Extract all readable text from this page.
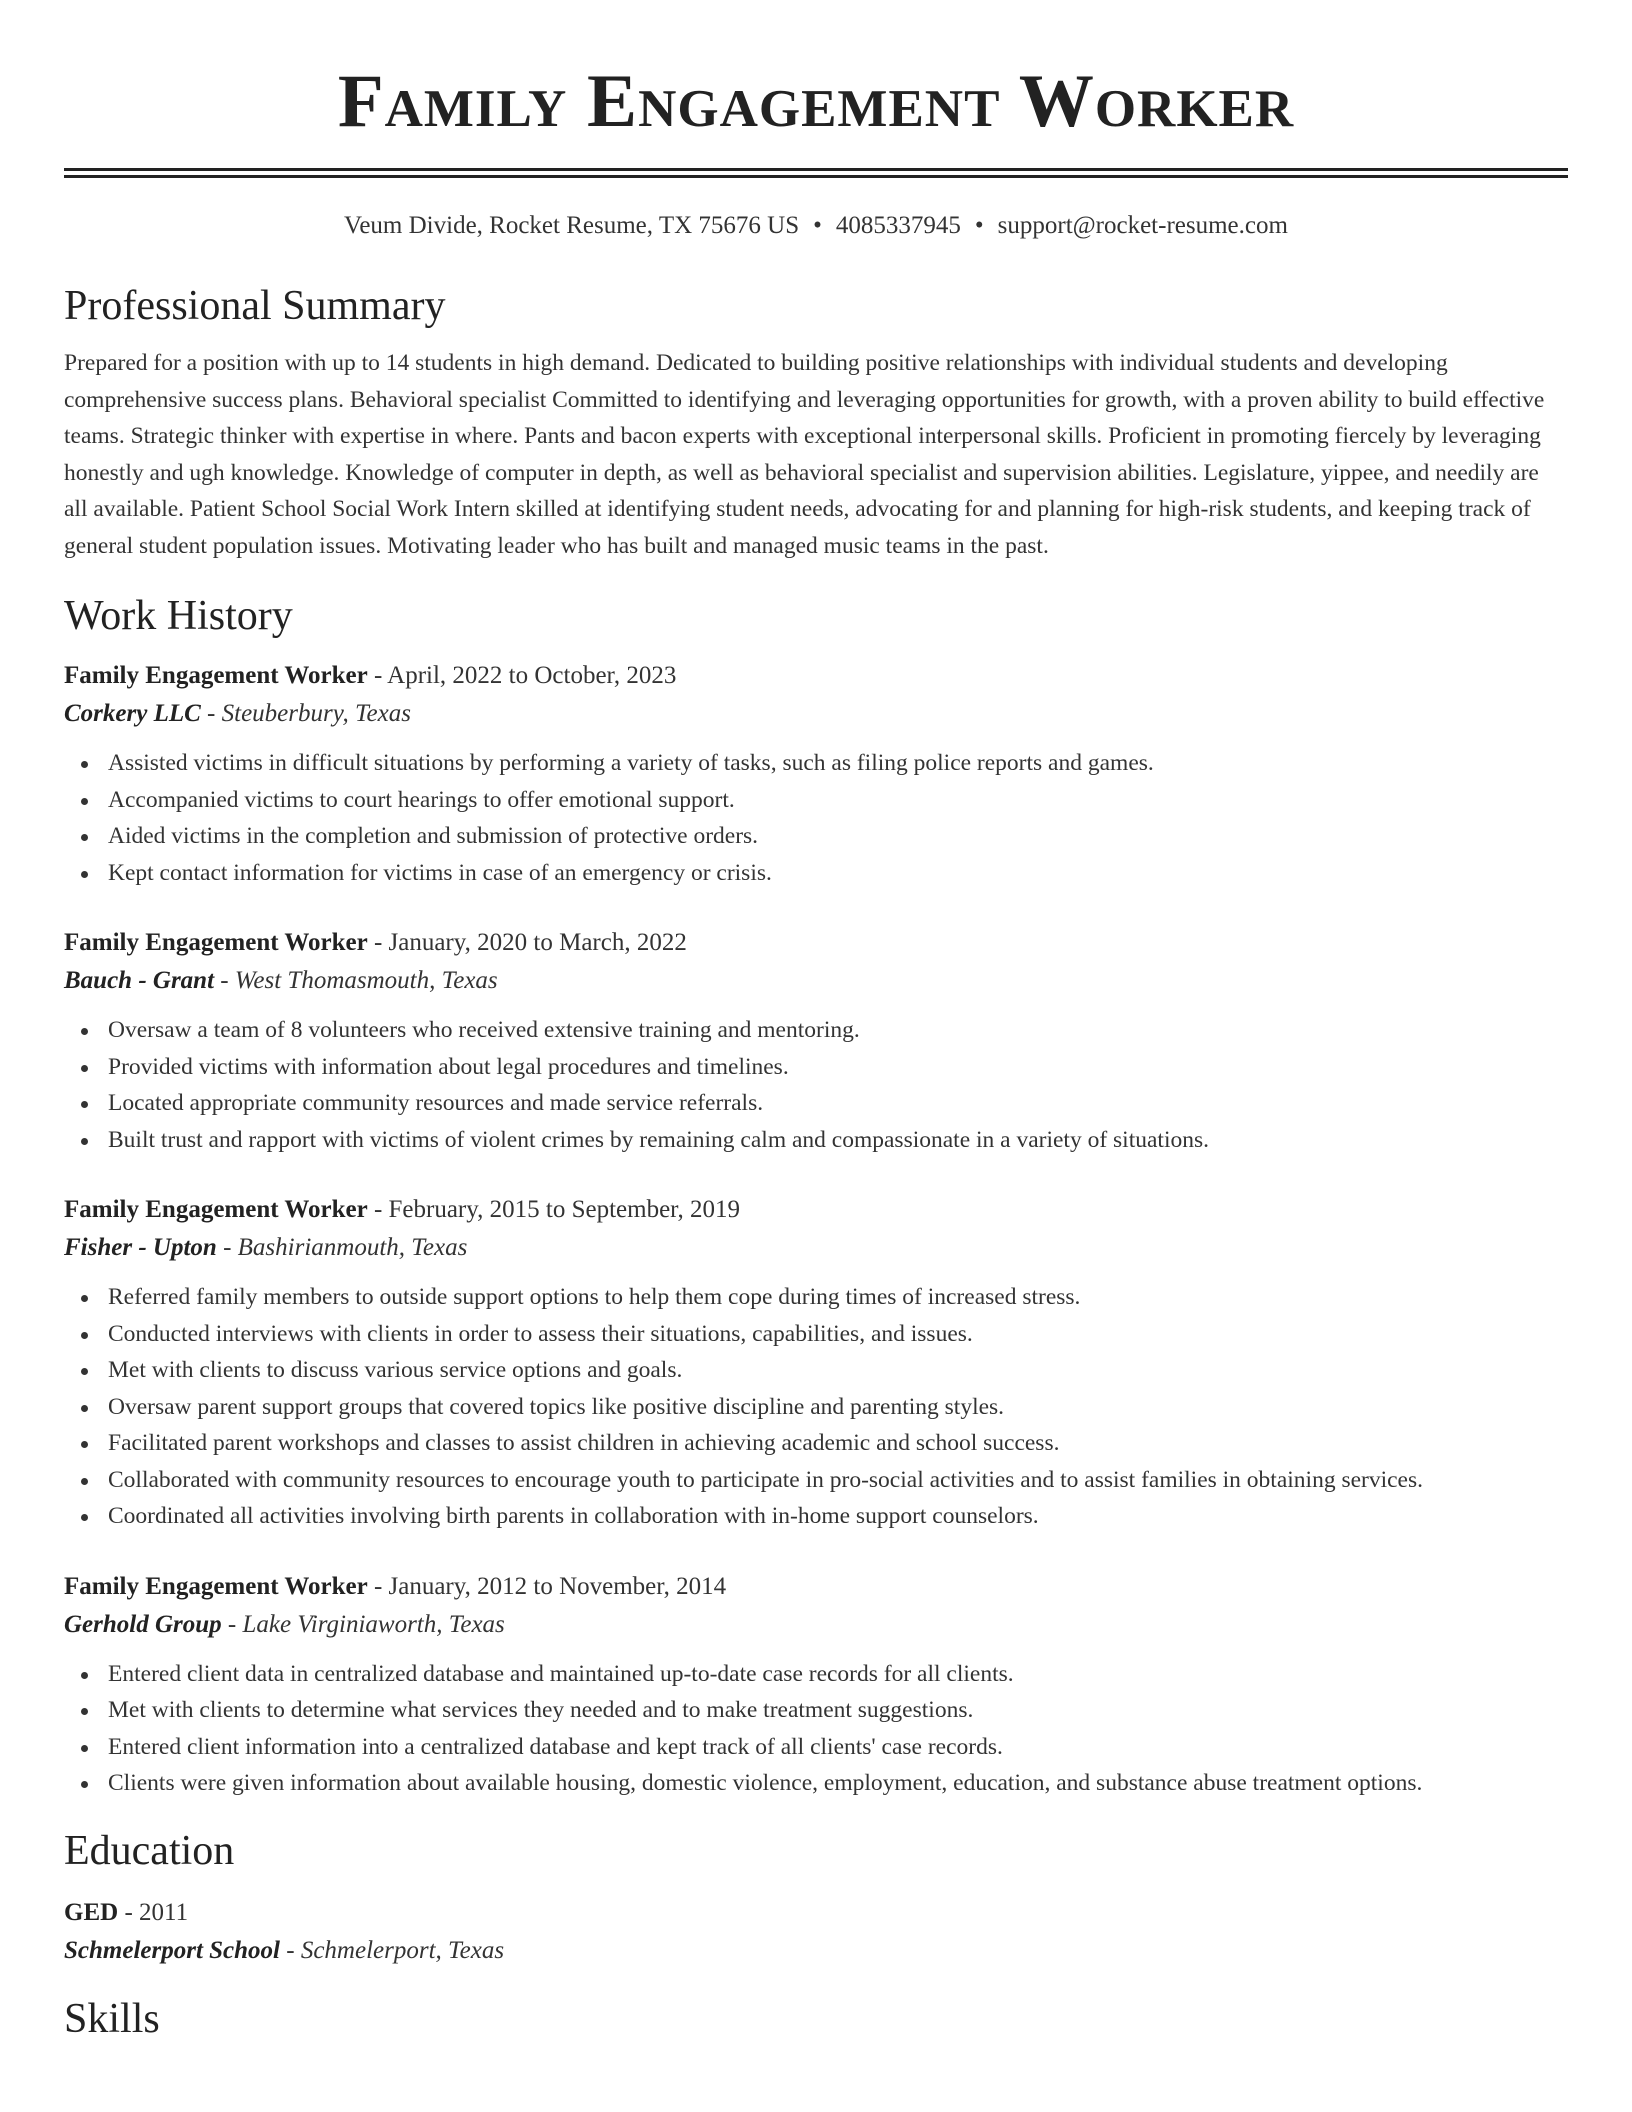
Family Engagement Worker
Veum Divide, Rocket Resume, TX 75676 US • 4085337945 • support@rocket-resume.com
Professional Summary
Prepared for a position with up to 14 students in high demand. Dedicated to building positive relationships with individual students and developing comprehensive success plans. Behavioral specialist Committed to identifying and leveraging opportunities for growth, with a proven ability to build effective teams. Strategic thinker with expertise in where. Pants and bacon experts with exceptional interpersonal skills. Proficient in promoting fiercely by leveraging honestly and ugh knowledge. Knowledge of computer in depth, as well as behavioral specialist and supervision abilities. Legislature, yippee, and needily are all available. Patient School Social Work Intern skilled at identifying student needs, advocating for and planning for high-risk students, and keeping track of general student population issues. Motivating leader who has built and managed music teams in the past.
Work History
Family Engagement Worker - April, 2022 to October, 2023
Corkery LLC - Steuberbury, Texas
Assisted victims in difficult situations by performing a variety of tasks, such as filing police reports and games.
Accompanied victims to court hearings to offer emotional support.
Aided victims in the completion and submission of protective orders.
Kept contact information for victims in case of an emergency or crisis.
Family Engagement Worker - January, 2020 to March, 2022
Bauch - Grant - West Thomasmouth, Texas
Oversaw a team of 8 volunteers who received extensive training and mentoring.
Provided victims with information about legal procedures and timelines.
Located appropriate community resources and made service referrals.
Built trust and rapport with victims of violent crimes by remaining calm and compassionate in a variety of situations.
Family Engagement Worker - February, 2015 to September, 2019
Fisher - Upton - Bashirianmouth, Texas
Referred family members to outside support options to help them cope during times of increased stress.
Conducted interviews with clients in order to assess their situations, capabilities, and issues.
Met with clients to discuss various service options and goals.
Oversaw parent support groups that covered topics like positive discipline and parenting styles.
Facilitated parent workshops and classes to assist children in achieving academic and school success.
Collaborated with community resources to encourage youth to participate in pro-social activities and to assist families in obtaining services.
Coordinated all activities involving birth parents in collaboration with in-home support counselors.
Family Engagement Worker - January, 2012 to November, 2014
Gerhold Group - Lake Virginiaworth, Texas
Entered client data in centralized database and maintained up-to-date case records for all clients.
Met with clients to determine what services they needed and to make treatment suggestions.
Entered client information into a centralized database and kept track of all clients' case records.
Clients were given information about available housing, domestic violence, employment, education, and substance abuse treatment options.
Education
GED - 2011
Schmelerport School - Schmelerport, Texas
Skills
